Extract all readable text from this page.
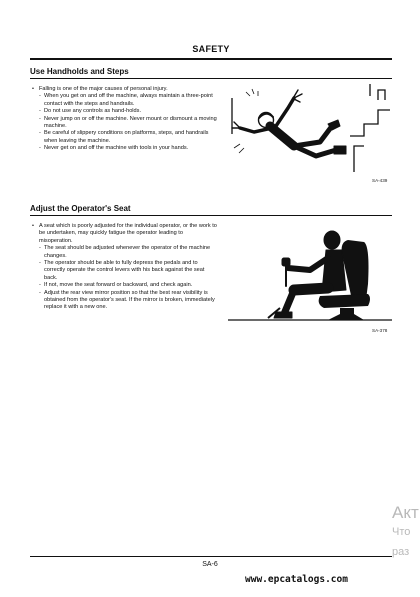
SAFETY
Use Handholds and Steps
• Falling is one of the major causes of personal injury.
- When you get on and off the machine, always maintain a three-point contact with the steps and handrails.
- Do not use any controls as hand-holds.
- Never jump on or off the machine. Never mount or dismount a moving machine.
- Be careful of slippery conditions on platforms, steps, and handrails when leaving the machine.
- Never get on and off the machine with tools in your hands.
SA-439
Adjust the Operator's Seat
• A seat which is poorly adjusted for the individual operator, or the work to be undertaken, may quickly fatigue the operator leading to misoperation.
- The seat should be adjusted whenever the operator of the machine changes.
- The operator should be able to fully depress the pedals and to correctly operate the control levers with his back against the seat back.
- If not, move the seat forward or backward, and check again.
- Adjust the rear view mirror position so that the best rear visibility is obtained from the operator's seat. If the mirror is broken, immediately replace it with a new one.
SA-378
SA-6
www.epcatalogs.com
Акт
Что
раз
